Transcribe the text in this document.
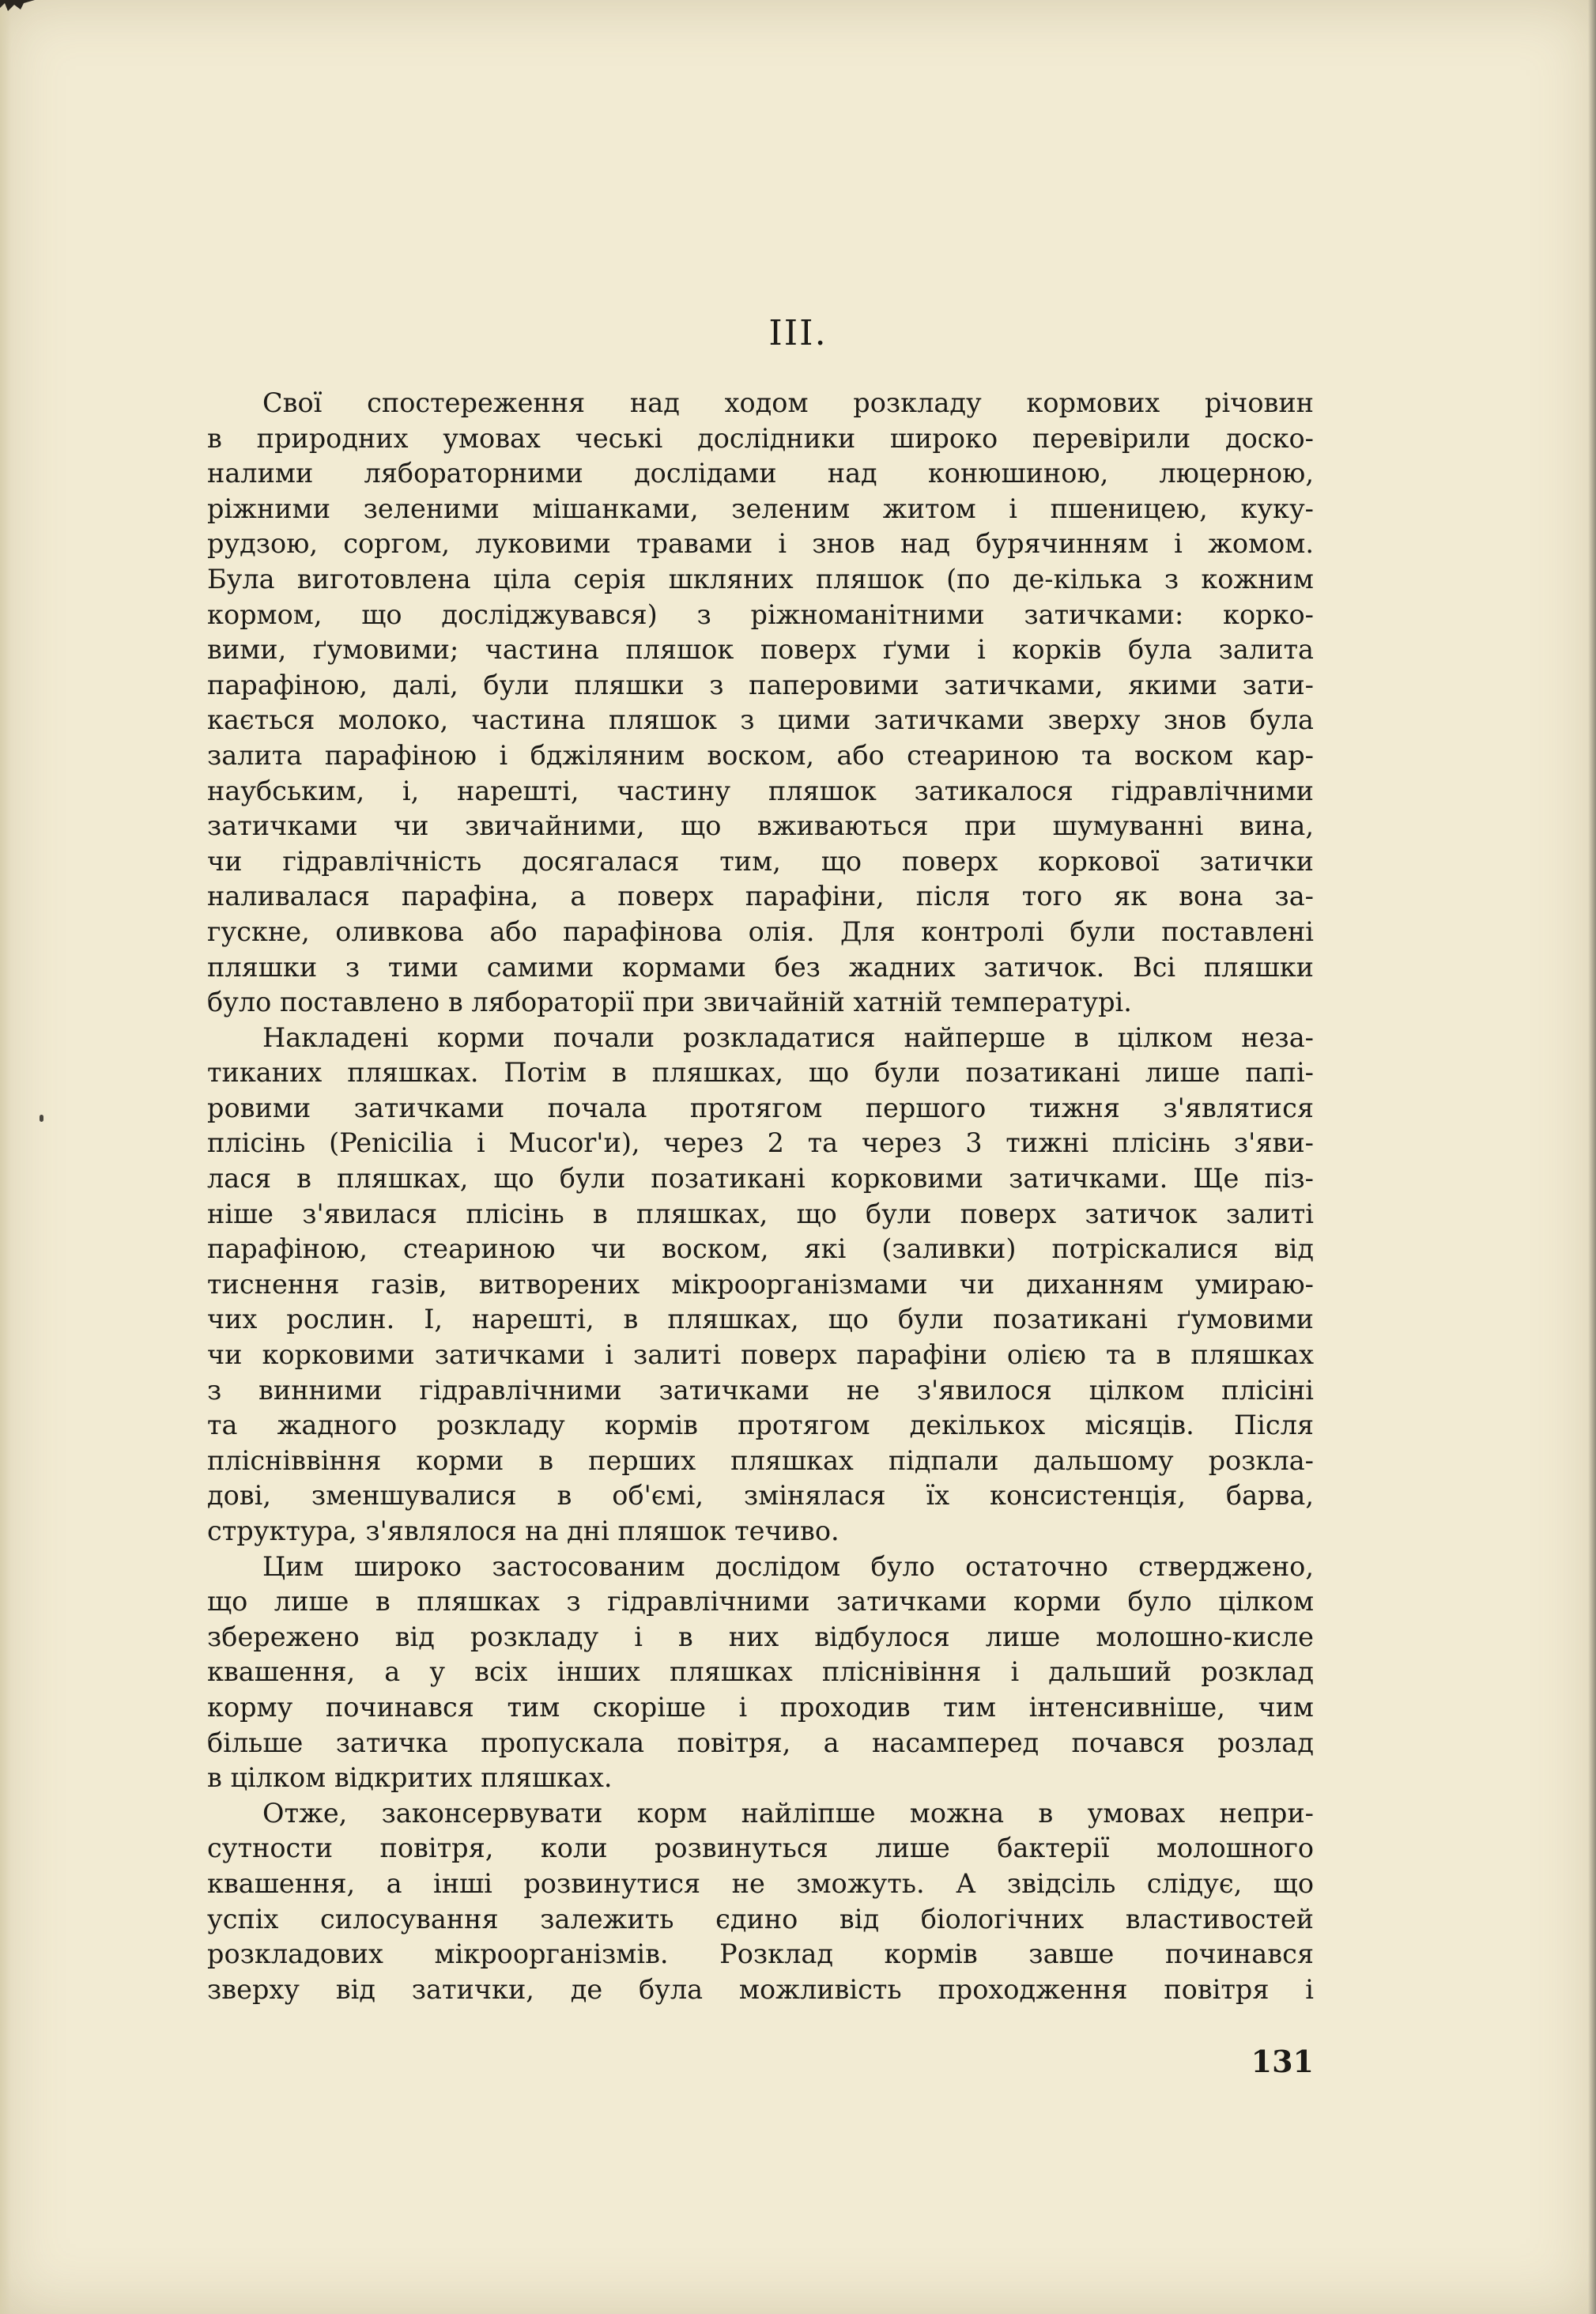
III.
Свої спостереження над ходом розкладу кормових річовин
в природних умовах чеські дослідники широко перевірили доско-
налими лябораторними дослідами над конюшиною, люцерною,
ріжними зеленими мішанками, зеленим житом і пшеницею, куку-
рудзою, соргом, луковими травами і знов над бурячинням і жомом.
Була виготовлена ціла серія шкляних пляшок (по де-кілька з кожним
кормом, що досліджувався) з ріжноманітними затичками: корко-
вими, ґумовими; частина пляшок поверх ґуми і корків була залита
парафіною, далі, були пляшки з паперовими затичками, якими зати-
кається молоко, частина пляшок з цими затичками зверху знов була
залита парафіною і бджіляним воском, або стеариною та воском кар-
наубським, і, нарешті, частину пляшок затикалося гідравлічними
затичками чи звичайними, що вживаються при шумуванні вина,
чи гідравлічність досягалася тим, що поверх коркової затички
наливалася парафіна, а поверх парафіни, після того як вона за-
гускне, оливкова або парафінова олія. Для контролі були поставлені
пляшки з тими самими кормами без жадних затичок. Всі пляшки
було поставлено в ляборaторії при звичайній хатній температурі.
Накладені корми почали розкладатися найперше в цілком неза-
тиканих пляшках. Потім в пляшках, що були позатикані лише папі-
ровими затичками почала протягом першого тижня з'являтися
плісінь (Penicilia і Mucor'и), через 2 та через 3 тижні плісінь з'яви-
лася в пляшках, що були позатикані корковими затичками. Ще піз-
ніше з'явилася плісінь в пляшках, що були поверх затичок залиті
парафіною, стеариною чи воском, які (заливки) потріскалися від
тиснення газів, витворених мікроорганізмами чи диханням умираю-
чих рослин. І, нарешті, в пляшках, що були позатикані ґумовими
чи корковими затичками і залиті поверх парафіни олією та в пляшках
з винними гідравлічними затичками не з'явилося цілком плісіні
та жадного розкладу кормів протягом декількох місяців. Після
плісніввіння корми в перших пляшках підпали дальшому розкла-
дові, зменшувалися в об'ємі, змінялася їх консистенція, барва,
структура, з'являлося на дні пляшок течиво.
Цим широко застосованим дослідом було остаточно стверджено,
що лише в пляшках з гідравлічними затичками корми було цілком
збережено від розкладу і в них відбулося лише молошно-кисле
квашення, а у всіх інших пляшках пліснівіння і дальший розклад
корму починався тим скоріше і проходив тим інтенсивніше, чим
більше затичка пропускала повітря, а насамперед почався розлад
в цілком відкритих пляшках.
Отже, законсервувати корм найліпше можна в умовах непри-
сутности повітря, коли розвинуться лише бактерії молошного
квашення, а інші розвинутися не зможуть. А звідсіль слідує, що
успіх силосування залежить єдино від біологічних властивостей
розкладових мікроорганізмів. Розклад кормів завше починався
зверху від затички, де була можливість проходження повітря і
131
